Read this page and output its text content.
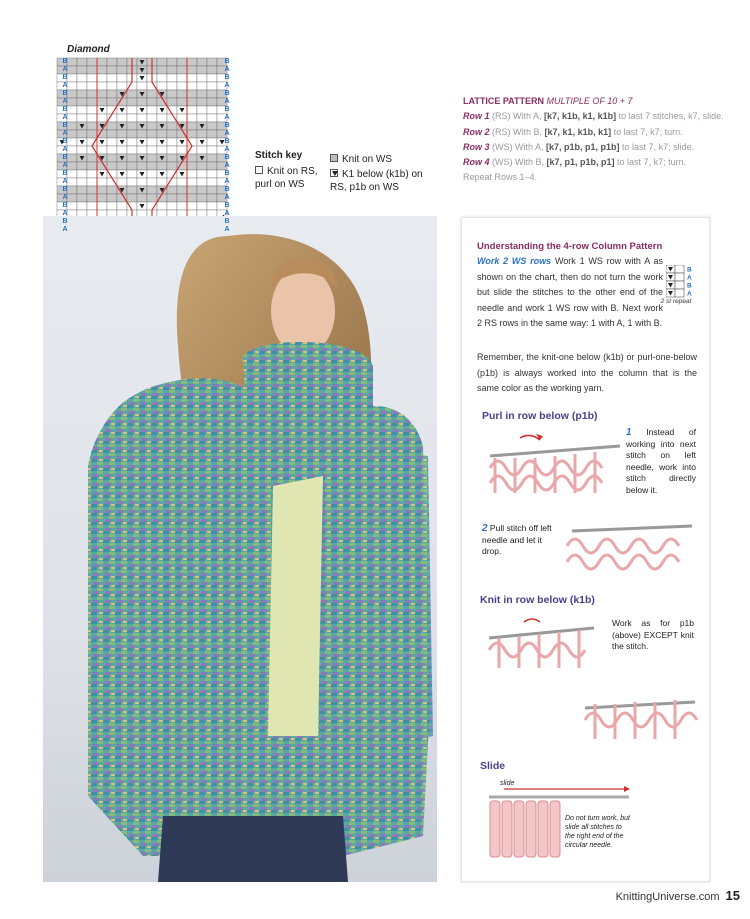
Diamond
Stitch key
Knit on RS, purl on WS
Knit on WS
K1 below (k1b) on RS, p1b on WS
LATTICE PATTERN MULTIPLE OF 10 + 7
Row 1 (RS) With A, [k7, k1b, k1, k1b] to last 7 stitches, k7, slide.
Row 2 (RS) With B, [k7, k1, k1b, k1] to last 7, k7; turn.
Row 3 (WS) With A, [k7, p1b, p1, p1b] to last 7, k7; slide.
Row 4 (WS) With B, [k7, p1, p1b, p1] to last 7, k7; turn.
Repeat Rows 1–4.
Understanding the 4-row Column Pattern
Work 2 WS rows Work 1 WS row with A as shown on the chart, then do not turn the work but slide the stitches to the other end of the needle and work 1 WS row with B. Next work 2 RS rows in the same way: 1 with A, 1 with B.
B
A
B
A
2 st repeat
Remember, the knit-one below (k1b) or purl-one-below (p1b) is always worked into the column that is the same color as the working yarn.
Purl in row below (p1b)
1 Instead of working into next stitch on left needle, work into stitch directly below it.
2 Pull stitch off left needle and let it drop.
Knit in row below (k1b)
Work as for p1b (above) EXCEPT knit the stitch.
Slide
slide
Do not turn work, but slide all stitches to the right end of the circular needle.
KnittingUniverse.com 15
B
A
B
A
B
A
B
A
B
A
B
A
B
A
B
A
B
A
B
A
B
A
B
A
B
A
B
A
B
A
B
A
B
A
B
A
B
A
B
A
B
A
B
A
